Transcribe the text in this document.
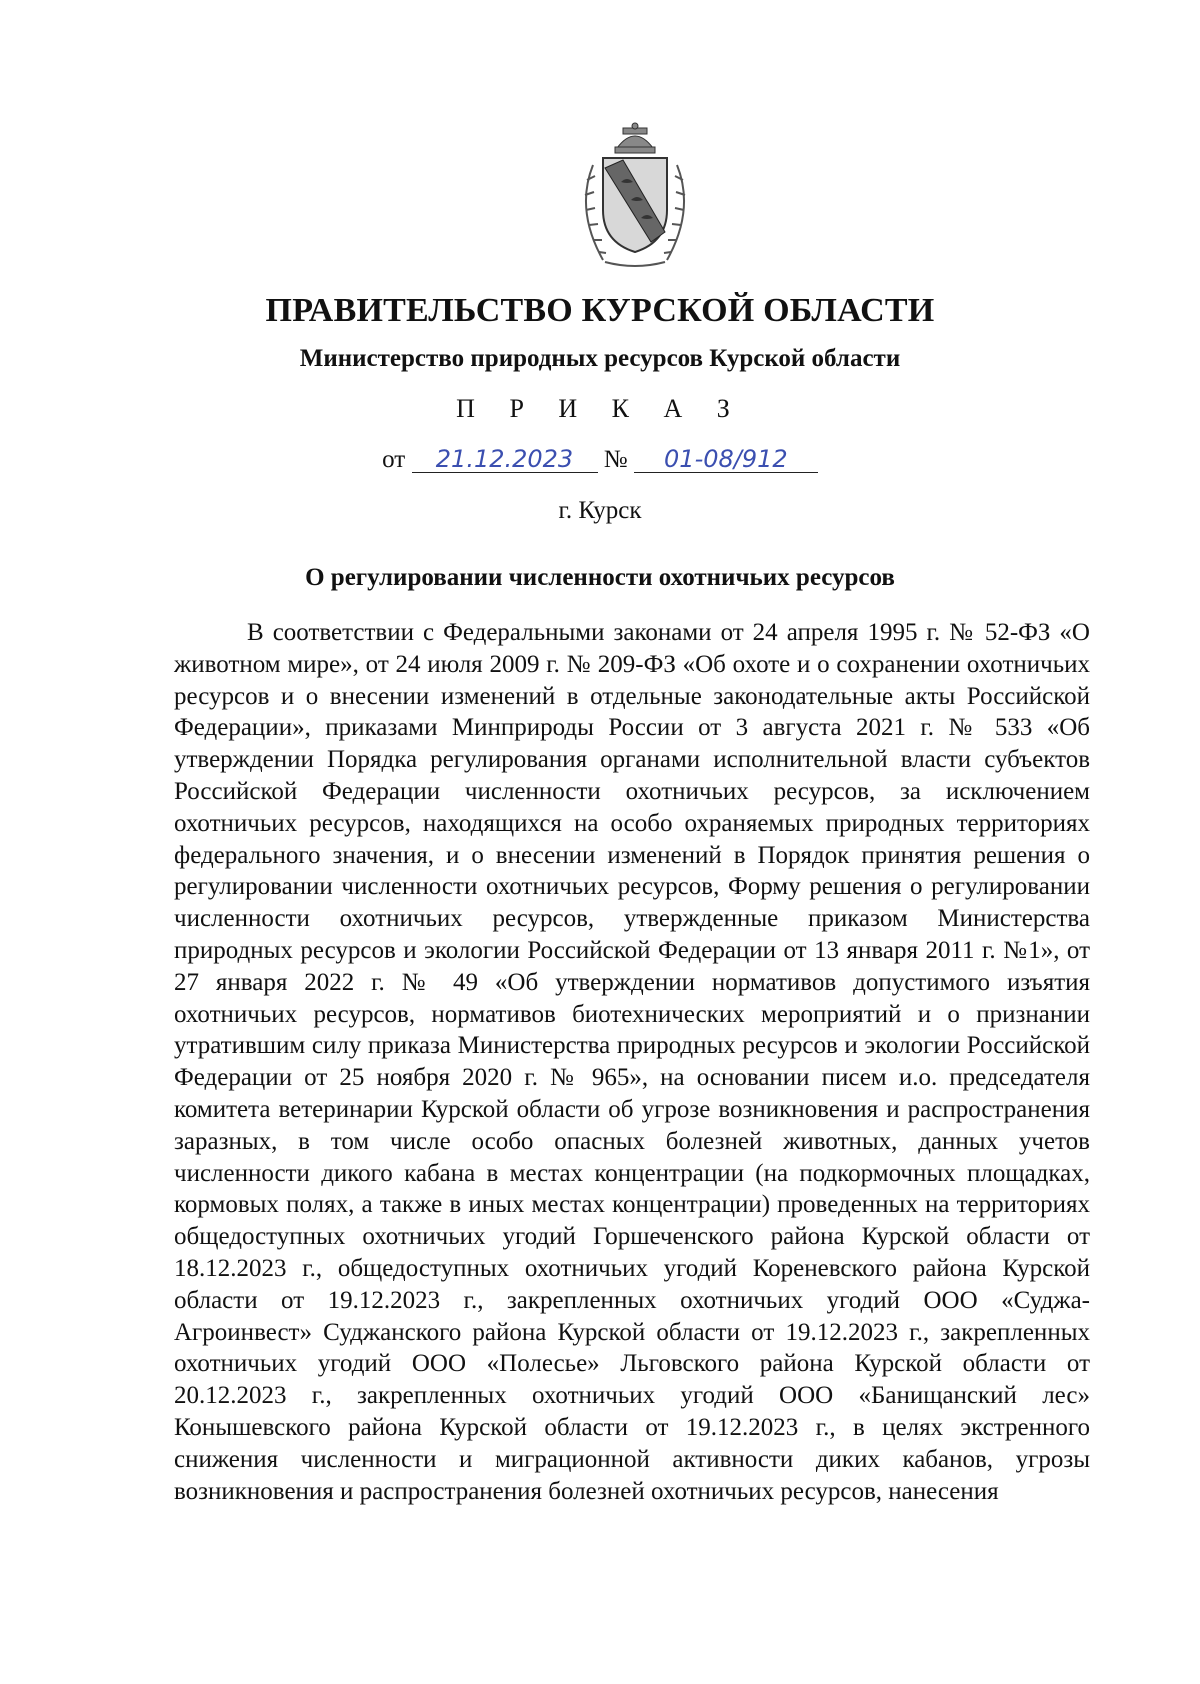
ПРАВИТЕЛЬСТВО КУРСКОЙ ОБЛАСТИ
Министерство природных ресурсов Курской области
П Р И К А З
от 21.12.2023 № 01-08/912
г. Курск
О регулировании численности охотничьих ресурсов

В соответствии с Федеральными законами от 24 апреля 1995 г. № 52-ФЗ «О животном мире», от 24 июля 2009 г. № 209-ФЗ «Об охоте и о сохранении охотничьих ресурсов и о внесении изменений в отдельные законодательные акты Российской Федерации», приказами Минприроды России от 3 августа 2021 г. № 533 «Об утверждении Порядка регулирования органами исполнительной власти субъектов Российской Федерации численности охотничьих ресурсов, за исключением охотничьих ресурсов, находящихся на особо охраняемых природных территориях федерального значения, и о внесении изменений в Порядок принятия решения о регулировании численности охотничьих ресурсов, Форму решения о регулировании численности охотничьих ресурсов, утвержденные приказом Министерства природных ресурсов и экологии Российской Федерации от 13 января 2011 г. №1», от 27 января 2022 г. № 49 «Об утверждении нормативов допустимого изъятия охотничьих ресурсов, нормативов биотехнических мероприятий и о признании утратившим силу приказа Министерства природных ресурсов и экологии Российской Федерации от 25 ноября 2020 г. № 965», на основании писем и.о. председателя комитета ветеринарии Курской области об угрозе возникновения и распространения заразных, в том числе особо опасных болезней животных, данных учетов численности дикого кабана в местах концентрации (на подкормочных площадках, кормовых полях, а также в иных местах концентрации) проведенных на территориях общедоступных охотничьих угодий Горшеченского района Курской области от 18.12.2023 г., общедоступных охотничьих угодий Кореневского района Курской области от 19.12.2023 г., закрепленных охотничьих угодий ООО «Суджа-Агроинвест» Суджанского района Курской области от 19.12.2023 г., закрепленных охотничьих угодий ООО «Полесье» Льговского района Курской области от 20.12.2023 г., закрепленных охотничьих угодий ООО «Банищанский лес» Конышевского района Курской области от 19.12.2023 г., в целях экстренного снижения численности и миграционной активности диких кабанов, угрозы возникновения и распространения болезней охотничьих ресурсов, нанесения
